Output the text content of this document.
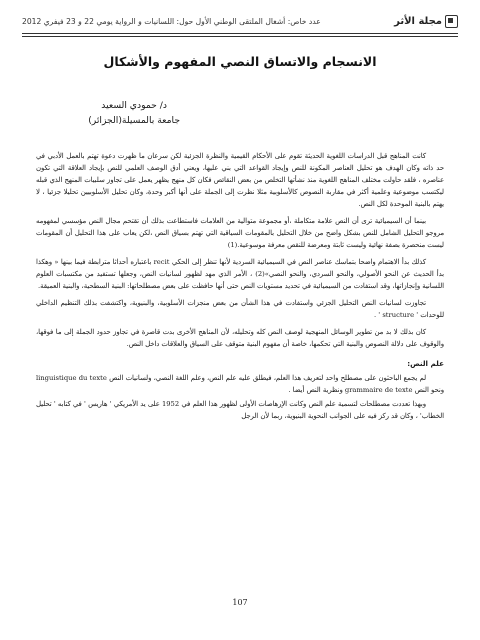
مجلة الأثر
عدد خاص: أشغال الملتقى الوطني الأول حول: اللسانيات و الرواية يومي 22 و 23 فيفري 2012
الانسجام والاتساق النصي المفهوم والأشكال
د/ حمودي السعيد
جامعة بالمسيلة(الجزائر)

كانت المناهج قبل الدراسات اللغوية الحديثة تقوم على الأحكام القيمية والنظرة الجزئية لكن سرعان ما ظهرت دعوة تهتم بالعمل الأدبي في حد ذاته وكان الهدف هو تحليل العناصر المكونة للنص وإيجاد القواعد التي بني عليها، ويعني أدق الوصف العلمي للنص بإيجاد العلاقة التي تكون عناصره ، فلقد حاولت مختلف المناهج اللغوية منذ نشأتها التخلص من بعض النقائص فكان كل منهج يظهر يعمل على تجاوز سلبيات المنهج الذي قبله ليكتسب موضوعية وعلمية أكثر في مقاربة النصوص كالأسلوبية مثلا نظرت إلى الجملة على أنها أكبر وحدة، وكان تحليل الأسلوبيين تحليلا جزئيا ، لا يهتم بالبنية الموحدة لكل النص.

بينما أن السيميائية ترى أن النص علامة متكاملة ،أو مجموعة متوالية من العلامات فاستطاعت بذلك أن تقتحم مجال النص مؤسسي لمفهومه مروجو التحليل الشامل للنص بشكل واضح من خلال التحليل بالمقومات السياقية التي تهتم بسياق النص ،لكن يعاب على هذا التحليل أن المقومات ليست منحصرة بصفة نهائية وليست ثابتة ومعرضة للنقص معرفة موسوعية.(1)

كذلك بدأ الاهتمام واضحا بتماسك عناصر النص في السيميائية السردية لأنها تنظر إلى الحكي recit باعتباره أحداثا مترابطة فيما بينها « وهكذا بدأ الحديث عن النحو الأصولي، والنحو السردي، والنحو النصي»(2) ، الأمر الذي مهد لظهور لسانيات النص، وجعلها تستفيد من مكتسبات العلوم اللسانية وإنجازاتها، وقد استفادت من السيميائية في تحديد مستويات النص حتى أنها حافظت على بعض مصطلحاتها: البنية السطحية، والبنية العميقة.

تجاوزت لسانيات النص التحليل الجزئي واستفادت في هذا الشأن من بعض منجزات الأسلوبية، والبنيوية، واكتشفت بذلك التنظيم الداخلي للوحدات ' structure ' .

كان بذلك لا بد من تطوير الوسائل المنهجية لوصف النص كله وتحليله، لأن المناهج الأخرى بدت قاصرة في تجاوز حدود الجملة إلى ما فوقها، والوقوف على دلالة النصوص والبنية التي تحكمها، خاصة أن مفهوم البنية متوقف على السياق والعلاقات داخل النص.

علم النص:

لم يجمع الباحثون على مصطلح واحد لتعريف هذا العلم، فيطلق عليه علم النص، وعلم اللغة النصي، ولسانيات النص linguistique du texte ونحو النص grammaire de texte ونظرية النص أيضا .

وبهذا تعددت مصطلحات لتسمية علم النص وكانت الإرهاصات الأولى لظهور هذا العلم في 1952 على يد الأمريكي ' هاريس ' في كتابه ' تحليل الخطاب' ، وكان قد ركز فيه على الجوانب النحوية البنيوية، ربما لأن الرجل

107
